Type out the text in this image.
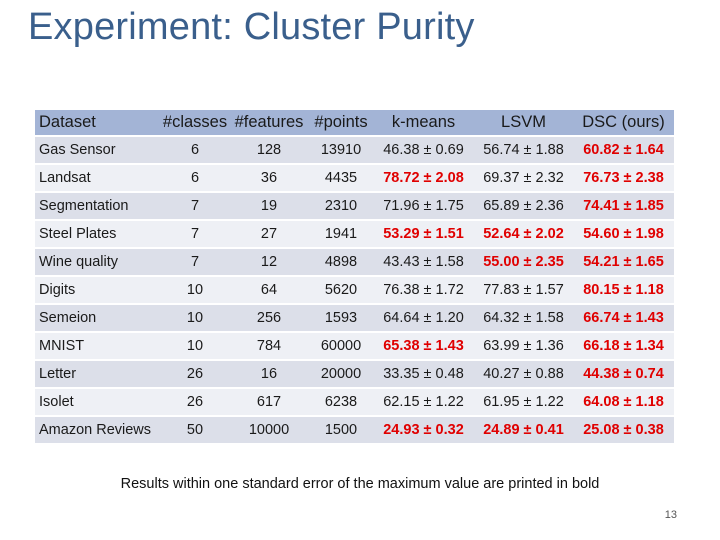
Experiment: Cluster Purity
Dataset	#classes	#features	#points	k-means	LSVM	DSC (ours)
Gas Sensor	6	128	13910	46.38 ± 0.69	56.74 ± 1.88	60.82 ± 1.64
Landsat	6	36	4435	78.72 ± 2.08	69.37 ± 2.32	76.73 ± 2.38
Segmentation	7	19	2310	71.96 ± 1.75	65.89 ± 2.36	74.41 ± 1.85
Steel Plates	7	27	1941	53.29 ± 1.51	52.64 ± 2.02	54.60 ± 1.98
Wine quality	7	12	4898	43.43 ± 1.58	55.00 ± 2.35	54.21 ± 1.65
Digits	10	64	5620	76.38 ± 1.72	77.83 ± 1.57	80.15 ± 1.18
Semeion	10	256	1593	64.64 ± 1.20	64.32 ± 1.58	66.74 ± 1.43
MNIST	10	784	60000	65.38 ± 1.43	63.99 ± 1.36	66.18 ± 1.34
Letter	26	16	20000	33.35 ± 0.48	40.27 ± 0.88	44.38 ± 0.74
Isolet	26	617	6238	62.15 ± 1.22	61.95 ± 1.22	64.08 ± 1.18
Amazon Reviews	50	10000	1500	24.93 ± 0.32	24.89 ± 0.41	25.08 ± 0.38
Results within one standard error of the maximum value are printed in bold
13
